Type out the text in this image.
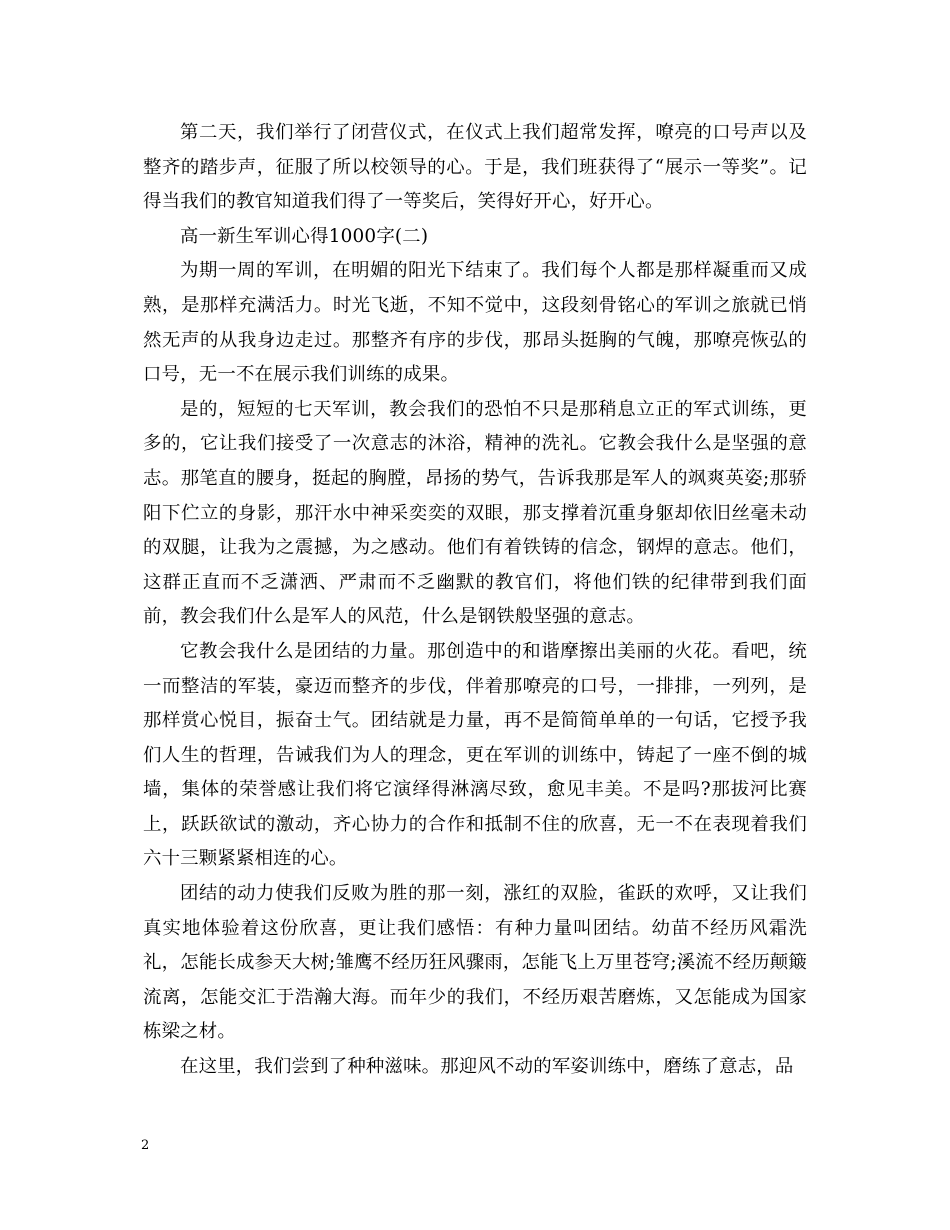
第二天，我们举行了闭营仪式，在仪式上我们超常发挥，嘹亮的口号声以及整齐的踏步声，征服了所以校领导的心。于是，我们班获得了“展示一等奖”。记得当我们的教官知道我们得了一等奖后，笑得好开心，好开心。

高一新生军训心得1000字(二)

为期一周的军训，在明媚的阳光下结束了。我们每个人都是那样凝重而又成熟，是那样充满活力。时光飞逝，不知不觉中，这段刻骨铭心的军训之旅就已悄然无声的从我身边走过。那整齐有序的步伐，那昂头挺胸的气魄，那嘹亮恢弘的口号，无一不在展示我们训练的成果。

是的，短短的七天军训，教会我们的恐怕不只是那稍息立正的军式训练，更多的，它让我们接受了一次意志的沐浴，精神的洗礼。它教会我什么是坚强的意志。那笔直的腰身，挺起的胸膛，昂扬的势气，告诉我那是军人的飒爽英姿;那骄阳下伫立的身影，那汗水中神采奕奕的双眼，那支撑着沉重身躯却依旧丝毫未动的双腿，让我为之震撼，为之感动。他们有着铁铸的信念，钢焊的意志。他们，这群正直而不乏潇洒、严肃而不乏幽默的教官们，将他们铁的纪律带到我们面前，教会我们什么是军人的风范，什么是钢铁般坚强的意志。

它教会我什么是团结的力量。那创造中的和谐摩擦出美丽的火花。看吧，统一而整洁的军装，豪迈而整齐的步伐，伴着那嘹亮的口号，一排排，一列列，是那样赏心悦目，振奋士气。团结就是力量，再不是简简单单的一句话，它授予我们人生的哲理，告诫我们为人的理念，更在军训的训练中，铸起了一座不倒的城墙，集体的荣誉感让我们将它演绎得淋漓尽致，愈见丰美。不是吗?那拔河比赛上，跃跃欲试的激动，齐心协力的合作和抵制不住的欣喜，无一不在表现着我们六十三颗紧紧相连的心。

团结的动力使我们反败为胜的那一刻，涨红的双脸，雀跃的欢呼，又让我们真实地体验着这份欣喜，更让我们感悟：有种力量叫团结。幼苗不经历风霜洗礼，怎能长成参天大树;雏鹰不经历狂风骤雨，怎能飞上万里苍穹;溪流不经历颠簸流离，怎能交汇于浩瀚大海。而年少的我们，不经历艰苦磨炼，又怎能成为国家栋梁之材。

在这里，我们尝到了种种滋味。那迎风不动的军姿训练中，磨练了意志，品

2
